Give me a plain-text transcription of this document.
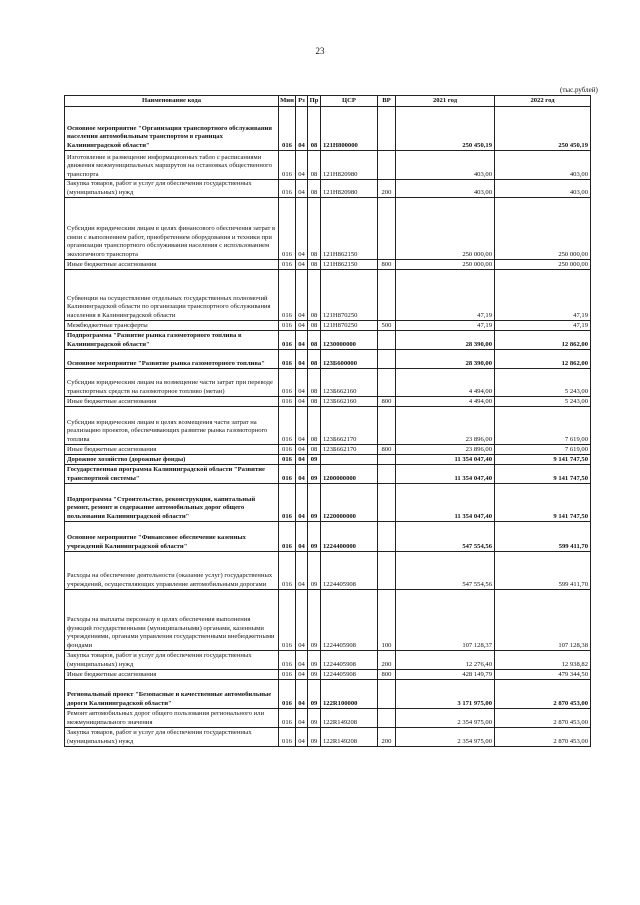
23
(тыс.рублей)
Наименование кода	Мин	Рз	Пр	ЦСР	ВР	2021 год	2022 год
Основное мероприятие "Организация транспортного обслуживания населения автомобильным транспортом в границах Калининградской области"	016	04	08	121Н800000		250 450,19	250 450,19
Изготовление и размещение информационных табло с расписаниями движения межмуниципальных маршрутов на остановках общественного транспорта	016	04	08	121Н820980		403,00	403,00
Закупка товаров, работ и услуг для обеспечения государственных (муниципальных) нужд	016	04	08	121Н820980	200	403,00	403,00
Субсидии юридическим лицам в целях финансового обеспечения затрат в связи с выполнением работ, приобретением оборудования и техники при организации транспортного обслуживания населения с использованием экологичного транспорта	016	04	08	121Н862150		250 000,00	250 000,00
Иные бюджетные ассигнования	016	04	08	121Н862150	800	250 000,00	250 000,00
Субвенции на осуществление отдельных государственных полномочий Калининградской области по организации транспортного обслуживания населения в Калининградской области	016	04	08	121Н870250		47,19	47,19
Межбюджетные трансферты	016	04	08	121Н870250	500	47,19	47,19
Подпрограмма "Развитие рынка газомоторного топлива в Калининградской области"	016	04	08	1230000000		28 390,00	12 862,00
Основное мероприятие "Развитие рынка газомоторного топлива"	016	04	08	123Б600000		28 390,00	12 862,00
Субсидии юридическим лицам на возмещение части затрат при переводе транспортных средств на газомоторное топливо (метан)	016	04	08	123Б662160		4 494,00	5 243,00
Иные бюджетные ассигнования	016	04	08	123Б662160	800	4 494,00	5 243,00
Субсидии юридическим лицам в целях возмещения части затрат на реализацию проектов, обеспечивающих развитие рынка газомоторного топлива	016	04	08	123Б662170		23 896,00	7 619,00
Иные бюджетные ассигнования	016	04	08	123Б662170	800	23 896,00	7 619,00
Дорожное хозяйство (дорожные фонды)	016	04	09			11 354 047,40	9 141 747,50
Государственная программа Калининградской области "Развитие транспортной системы"	016	04	09	1200000000		11 354 047,40	9 141 747,50
Подпрограмма "Строительство, реконструкция, капитальный ремонт, ремонт и содержание автомобильных дорог общего пользования Калининградской области"	016	04	09	1220000000		11 354 047,40	9 141 747,50
Основное мероприятие "Финансовое обеспечение казенных учреждений Калининградской области"	016	04	09	1224400000		547 554,56	599 411,70
Расходы на обеспечение деятельности (оказание услуг) государственных учреждений, осуществляющих управление автомобильными дорогами	016	04	09	1224405908		547 554,56	599 411,70
Расходы на выплаты персоналу в целях обеспечения выполнения функций государственными (муниципальными) органами, казенными учреждениями, органами управления государственными внебюджетными фондами	016	04	09	1224405908	100	107 128,37	107 128,38
Закупка товаров, работ и услуг для обеспечения государственных (муниципальных) нужд	016	04	09	1224405908	200	12 276,40	12 938,82
Иные бюджетные ассигнования	016	04	09	1224405908	800	428 149,79	479 344,50
Региональный проект "Безопасные и качественные автомобильные дороги Калининградской области"	016	04	09	122R100000		3 171 975,00	2 870 453,00
Ремонт автомобильных дорог общего пользования регионального или межмуниципального значения	016	04	09	122R149208		2 354 975,00	2 870 453,00
Закупка товаров, работ и услуг для обеспечения государственных (муниципальных) нужд	016	04	09	122R149208	200	2 354 975,00	2 870 453,00
